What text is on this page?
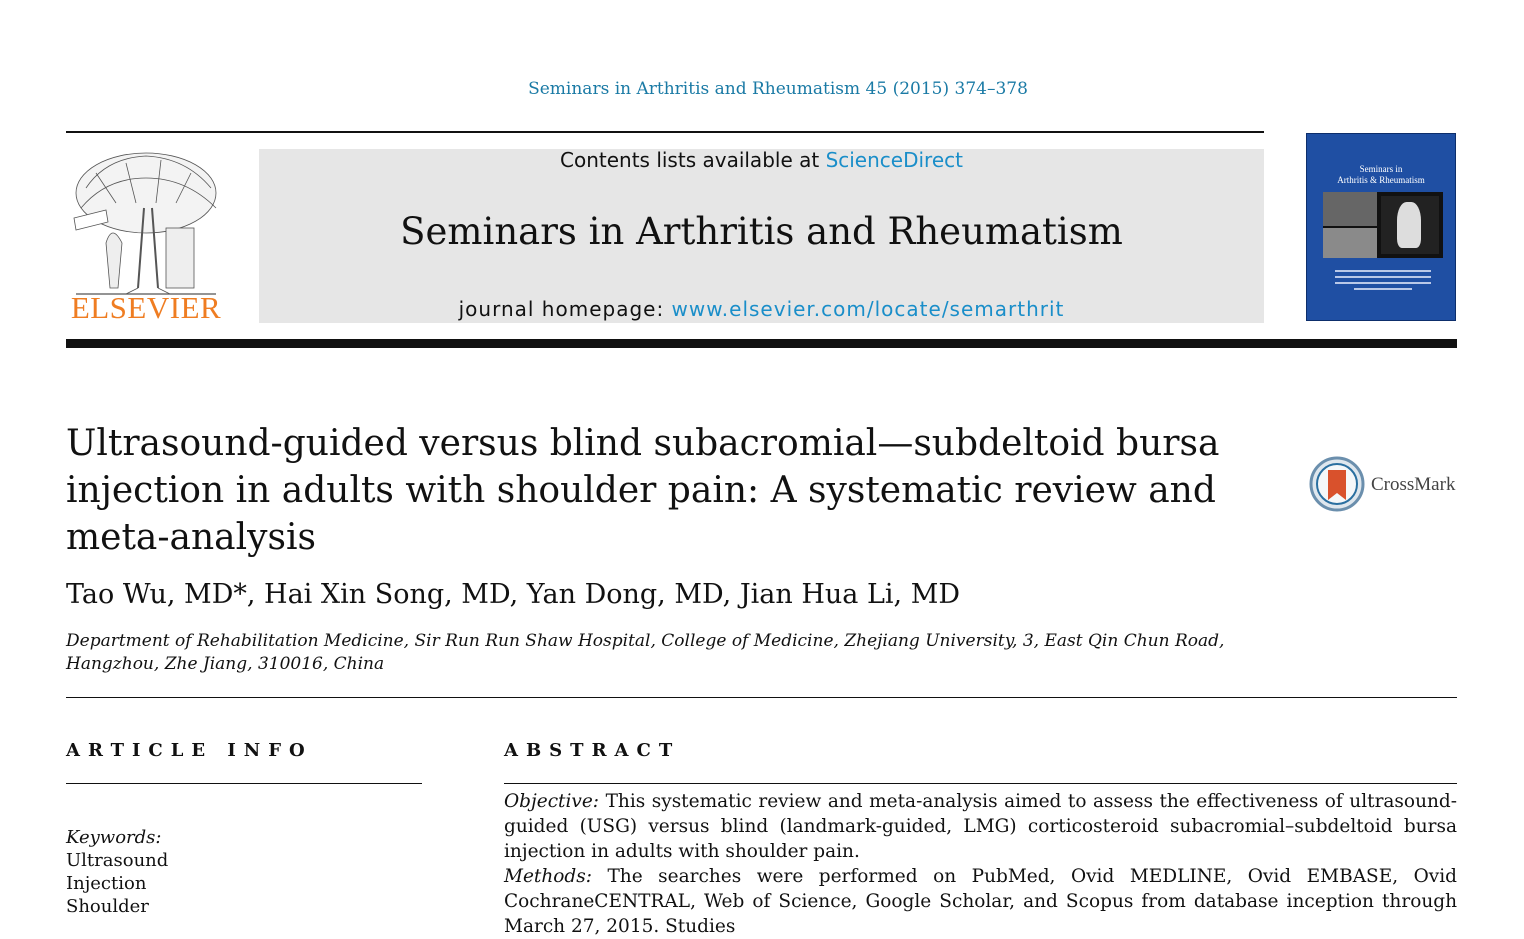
Seminars in Arthritis and Rheumatism 45 (2015) 374–378
ELSEVIER
Contents lists available at ScienceDirect
Seminars in Arthritis and Rheumatism
journal homepage: www.elsevier.com/locate/semarthrit
Seminars in
Arthritis & Rheumatism
Ultrasound-guided versus blind subacromial—subdeltoid bursa injection in adults with shoulder pain: A systematic review and meta-analysis
CrossMark
Tao Wu, MD*, Hai Xin Song, MD, Yan Dong, MD, Jian Hua Li, MD
Department of Rehabilitation Medicine, Sir Run Run Shaw Hospital, College of Medicine, Zhejiang University, 3, East Qin Chun Road, Hangzhou, Zhe Jiang, 310016, China
ARTICLE INFO	ABSTRACT
Keywords:
Ultrasound
Injection
Shoulder

Objective: This systematic review and meta-analysis aimed to assess the effectiveness of ultrasound-guided (USG) versus blind (landmark-guided, LMG) corticosteroid subacromial–subdeltoid bursa injection in adults with shoulder pain.

Methods: The searches were performed on PubMed, Ovid MEDLINE, Ovid EMBASE, Ovid CochraneCENTRAL, Web of Science, Google Scholar, and Scopus from database inception through March 27, 2015. Studies
